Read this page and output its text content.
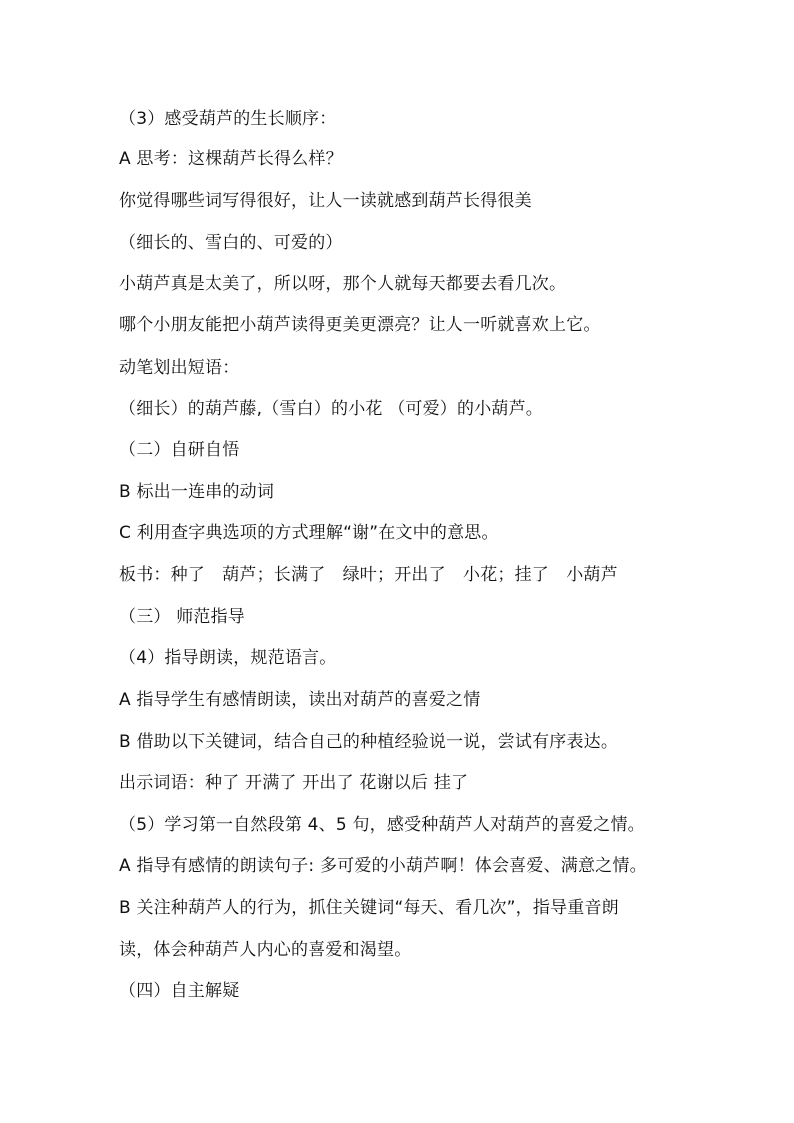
（3）感受葫芦的生长顺序：
A 思考：这棵葫芦长得么样？
你觉得哪些词写得很好，让人一读就感到葫芦长得很美
（细长的、雪白的、可爱的）
小葫芦真是太美了，所以呀，那个人就每天都要去看几次。
哪个小朋友能把小葫芦读得更美更漂亮？让人一听就喜欢上它。
动笔划出短语：
（细长）的葫芦藤,（雪白）的小花 （可爱）的小葫芦。
（二）自研自悟
B 标出一连串的动词
C 利用查字典选项的方式理解“谢”在文中的意思。
板书：种了　葫芦；长满了　绿叶；开出了　小花；挂了　小葫芦
（三） 师范指导
（4）指导朗读，规范语言。
A 指导学生有感情朗读，读出对葫芦的喜爱之情
B 借助以下关键词，结合自己的种植经验说一说，尝试有序表达。
出示词语：种了 开满了 开出了 花谢以后 挂了
（5）学习第一自然段第 4、5 句，感受种葫芦人对葫芦的喜爱之情。
A 指导有感情的朗读句子: 多可爱的小葫芦啊！体会喜爱、满意之情。
B 关注种葫芦人的行为，抓住关键词“每天、看几次”，指导重音朗
读，体会种葫芦人内心的喜爱和渴望。
（四）自主解疑
